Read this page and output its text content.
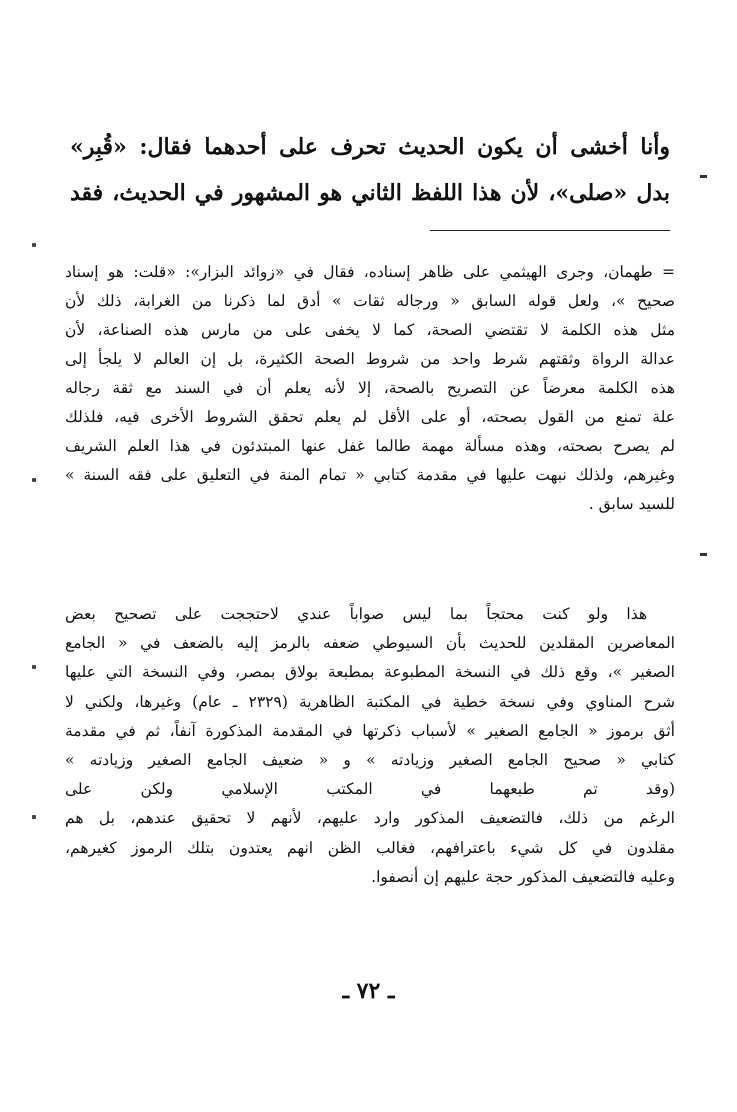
وأنا أخشى أن يكون الحديث تحرف على أحدهما فقال: «قُبِر»
بدل «صلى»، لأن هذا اللفظ الثاني هو المشهور في الحديث، فقد
= طهمان، وجرى الهيثمي على ظاهر إسناده، فقال في «زوائد البزار»: «قلت: هو إسناد
صحيح »، ولعل قوله السابق « ورجاله ثقات » أدق لما ذكرنا من الغرابة، ذلك لأن
مثل هذه الكلمة لا تقتضي الصحة، كما لا يخفى على من مارس هذه الصناعة، لأن
عدالة الرواة وثقتهم شرط واحد من شروط الصحة الكثيرة، بل إن العالم لا يلجأ إلى
هذه الكلمة معرضاً عن التصريح بالصحة، إلا لأنه يعلم أن في السند مع ثقة رجاله
علة تمنع من القول بصحته، أو على الأقل لم يعلم تحقق الشروط الأخرى فيه، فلذلك
لم يصرح بصحته، وهذه مسألة مهمة طالما غفل عنها المبتدئون في هذا العلم الشريف
وغيرهم، ولذلك نبهت عليها في مقدمة كتابي « تمام المنة في التعليق على فقه السنة »
للسيد سابق .
هذا ولو كنت محتجاً بما ليس صواباً عندي لاحتججت على تصحيح بعض
المعاصرين المقلدين للحديث بأن السيوطي ضعفه بالرمز إليه بالضعف في « الجامع
الصغير »، وقع ذلك في النسخة المطبوعة بمطبعة بولاق بمصر، وفي النسخة التي عليها
شرح المناوي وفي نسخة خطية في المكتبة الظاهرية (٢٣٢٩ ـ عام) وغيرها، ولكني لا
أثق برموز « الجامع الصغير » لأسباب ذكرتها في المقدمة المذكورة آنفاً، ثم في مقدمة
كتابي « صحيح الجامع الصغير وزيادته » و « ضعيف الجامع الصغير وزيادته »
(وقد تم طبعهما في المكتب الإسلامي ولكن على
الرغم من ذلك، فالتضعيف المذكور وارد عليهم، لأنهم لا تحقيق عندهم، بل هم
مقلدون في كل شيء باعترافهم، فغالب الظن انهم يعتدون بتلك الرموز كغيرهم،
وعليه فالتضعيف المذكور حجة عليهم إن أنصفوا.
ـ ٧٢ ـ
